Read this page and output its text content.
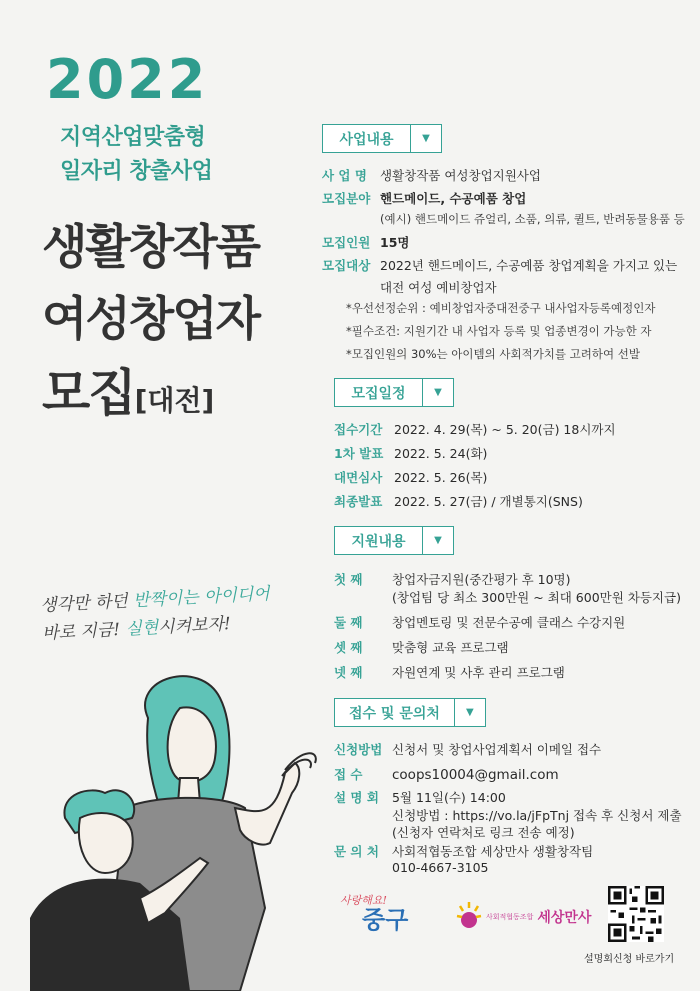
2022
지역산업맞춤형
일자리 창출사업
생활창작품
여성창업자
모집[대전]
생각만 하던 반짝이는 아이디어
바로 지금! 실현시켜보자!
사업내용	▼
사 업 명 생활창작품 여성창업지원사업
모집분야 핸드메이드, 수공예품 창업
(예시) 핸드메이드 쥬얼리, 소품, 의류, 퀼트, 반려동물용품 등
모집인원 15명
모집대상 2022년 핸드메이드, 수공예품 창업계획을 가지고 있는
대전 여성 예비창업자
*우선선정순위 : 예비창업자중대전중구 내사업자등록예정인자
*필수조건: 지원기간 내 사업자 등록 및 업종변경이 가능한 자
*모집인원의 30%는 아이템의 사회적가치를 고려하여 선발
모집일정	▼
접수기간 2022. 4. 29(목) ~ 5. 20(금) 18시까지
1차 발표 2022. 5. 24(화)
대면심사 2022. 5. 26(목)
최종발표 2022. 5. 27(금) / 개별통지(SNS)
지원내용	▼
첫 째 창업자금지원(중간평가 후 10명)
(창업팀 당 최소 300만원 ~ 최대 600만원 차등지급)
둘 째 창업멘토링 및 전문수공예 클래스 수강지원
셋 째 맞춤형 교육 프로그램
넷 째 자원연계 및 사후 관리 프로그램
접수 및 문의처	▼
신청방법 신청서 및 창업사업계획서 이메일 접수
접 수 coops10004@gmail.com
설 명 회 5월 11일(수) 14:00
신청방법 : https://vo.la/jFpTnj 접속 후 신청서 제출
(신청자 연락처로 링크 전송 예정)
문 의 처 사회적협동조합 세상만사 생활창작팀
010-4667-3105
사랑해요!
중구	사회적협동조합 세상만사
설명회신청 바로가기
